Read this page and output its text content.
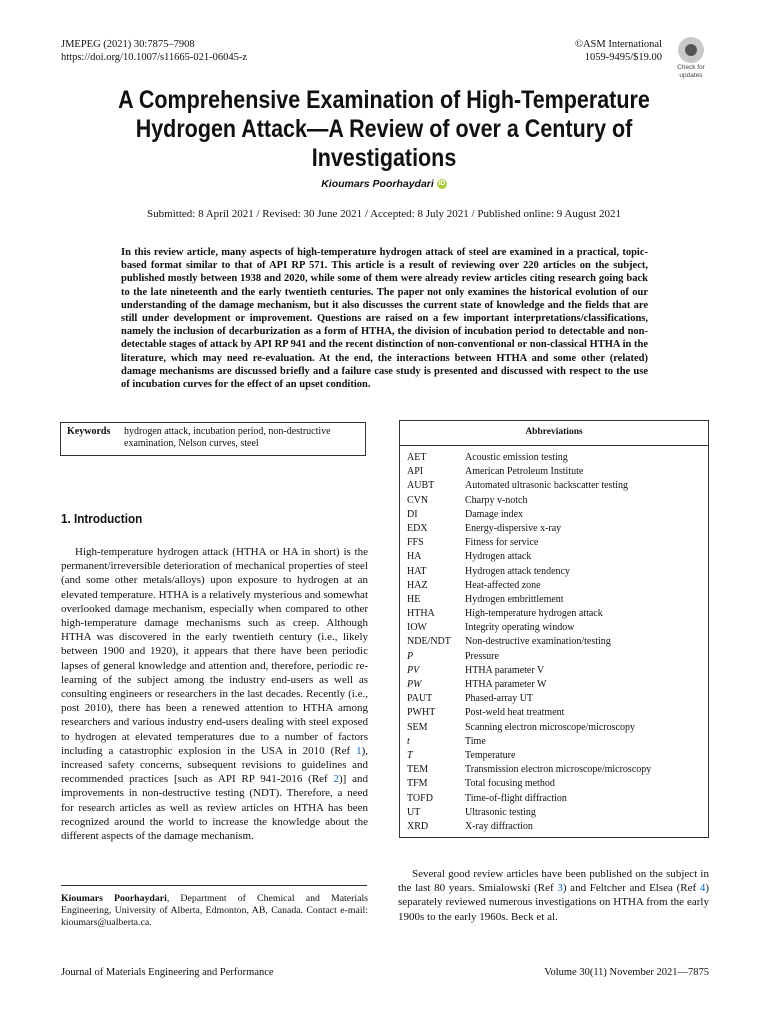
JMEPEG (2021) 30:7875–7908
https://doi.org/10.1007/s11665-021-06045-z
©ASM International
1059-9495/$19.00
Check for
updates
A Comprehensive Examination of High-Temperature Hydrogen Attack—A Review of over a Century of Investigations
Kioumars Poorhaydari iD
Submitted: 8 April 2021 / Revised: 30 June 2021 / Accepted: 8 July 2021 / Published online: 9 August 2021
In this review article, many aspects of high-temperature hydrogen attack of steel are examined in a practical, topic-based format similar to that of API RP 571. This article is a result of reviewing over 220 articles on the subject, published mostly between 1938 and 2020, while some of them were already review articles citing research going back to the late nineteenth and the early twentieth centuries. The paper not only examines the historical evolution of our understanding of the damage mechanism, but it also discusses the current state of knowledge and the fields that are still under development or improvement. Questions are raised on a few important interpretations/classifications, namely the inclusion of decarburization as a form of HTHA, the division of incubation period to detectable and non-detectable stages of attack by API RP 941 and the recent distinction of non-conventional or non-classical HTHA in the literature, which may need re-evaluation. At the end, the interactions between HTHA and some other (related) damage mechanisms are discussed briefly and a failure case study is presented and discussed with respect to the use of incubation curves for the effect of an upset condition.
Keywords	hydrogen attack, incubation period, non-destructive examination, Nelson curves, steel
1. Introduction

High-temperature hydrogen attack (HTHA or HA in short) is the permanent/irreversible deterioration of mechanical properties of steel (and some other metals/alloys) upon exposure to hydrogen at an elevated temperature. HTHA is a relatively mysterious and somewhat overlooked damage mechanism, especially when compared to other high-temperature damage mechanisms such as creep. Although HTHA was discovered in the early twentieth century (i.e., likely between 1900 and 1920), it appears that there have been periodic lapses of general knowledge and attention and, therefore, periodic re-learning of the subject among the industry end-users as well as consulting engineers or researchers in the last decades. Recently (i.e., post 2010), there has been a renewed attention to HTHA among researchers and various industry end-users dealing with steel exposed to hydrogen at elevated temperatures due to a number of factors including a catastrophic explosion in the USA in 2010 (Ref 1), increased safety concerns, subsequent revisions to guidelines and recommended practices [such as API RP 941-2016 (Ref 2)] and improvements in non-destructive testing (NDT). Therefore, a need for research articles as well as review articles on HTHA has been recognized around the world to increase the knowledge about the different aspects of the damage mechanism.

Kioumars Poorhaydari, Department of Chemical and Materials Engineering, University of Alberta, Edmonton, AB, Canada. Contact e-mail: kioumars@ualberta.ca.
Abbreviations
AET	Acoustic emission testing
API	American Petroleum Institute
AUBT	Automated ultrasonic backscatter testing
CVN	Charpy v-notch
DI	Damage index
EDX	Energy-dispersive x-ray
FFS	Fitness for service
HA	Hydrogen attack
HAT	Hydrogen attack tendency
HAZ	Heat-affected zone
HE	Hydrogen embrittlement
HTHA	High-temperature hydrogen attack
IOW	Integrity operating window
NDE/NDT	Non-destructive examination/testing
P	Pressure
PV	HTHA parameter V
PW	HTHA parameter W
PAUT	Phased-array UT
PWHT	Post-weld heat treatment
SEM	Scanning electron microscope/microscopy
t	Time
T	Temperature
TEM	Transmission electron microscope/microscopy
TFM	Total focusing method
TOFD	Time-of-flight diffraction
UT	Ultrasonic testing
XRD	X-ray diffraction

Several good review articles have been published on the subject in the last 80 years. Smialowski (Ref 3) and Feltcher and Elsea (Ref 4) separately reviewed numerous investigations on HTHA from the early 1900s to the early 1960s. Beck et al.

Journal of Materials Engineering and Performance	Volume 30(11) November 2021—7875
